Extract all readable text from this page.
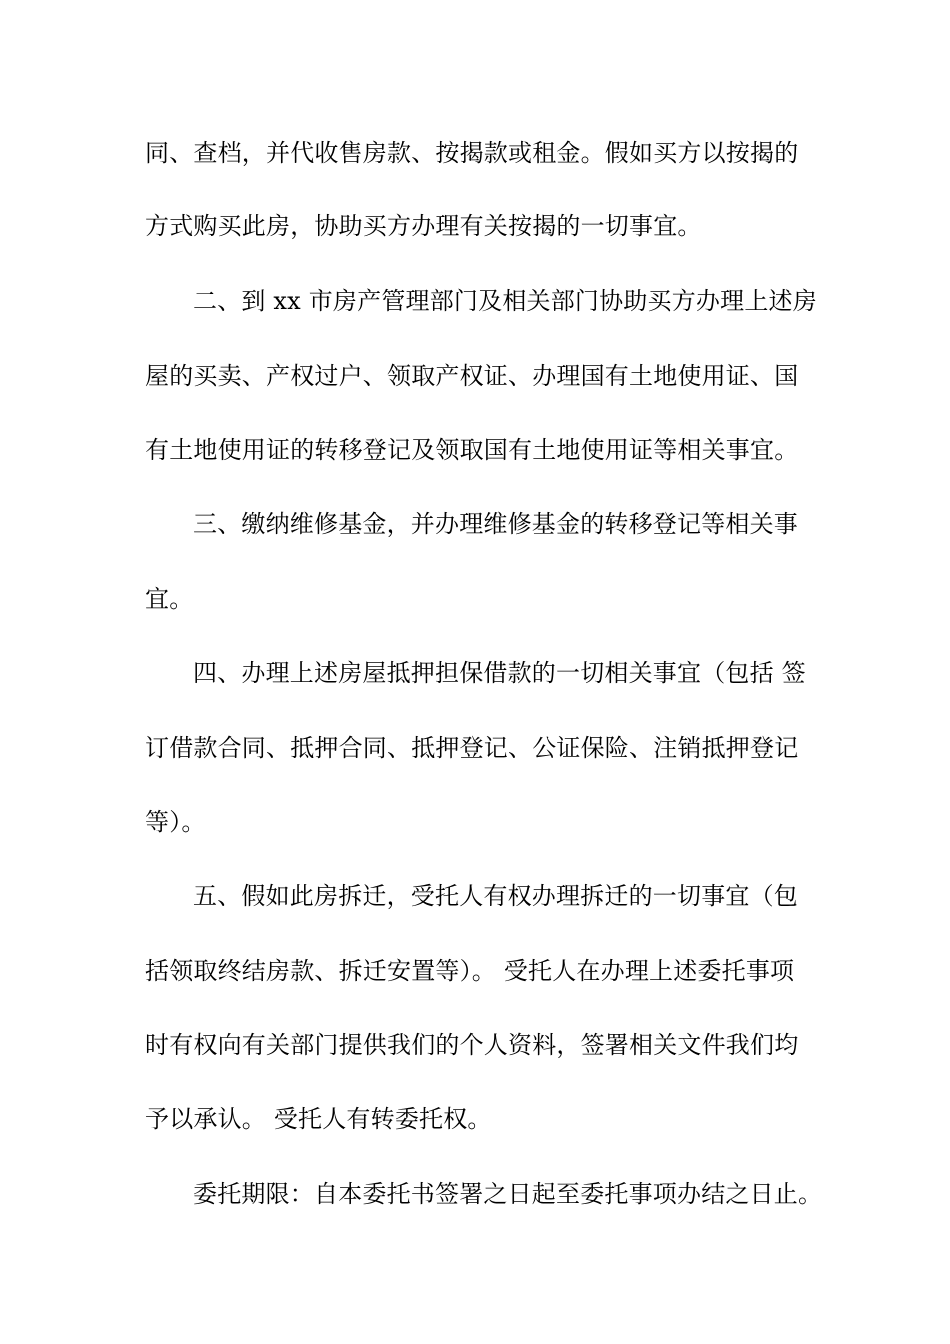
同、查档，并代收售房款、按揭款或租金。假如买方以按揭的
方式购买此房，协助买方办理有关按揭的一切事宜。
二、到 xx 市房产管理部门及相关部门协助买方办理上述房
屋的买卖、产权过户、领取产权证、办理国有土地使用证、国
有土地使用证的转移登记及领取国有土地使用证等相关事宜。
三、缴纳维修基金，并办理维修基金的转移登记等相关事
宜。
四、办理上述房屋抵押担保借款的一切相关事宜（包括 签
订借款合同、抵押合同、抵押登记、公证保险、注销抵押登记
等）。
五、假如此房拆迁，受托人有权办理拆迁的一切事宜（包
括领取终结房款、拆迁安置等）。 受托人在办理上述委托事项
时有权向有关部门提供我们的个人资料，签署相关文件我们均
予以承认。 受托人有转委托权。
委托期限：自本委托书签署之日起至委托事项办结之日止。
